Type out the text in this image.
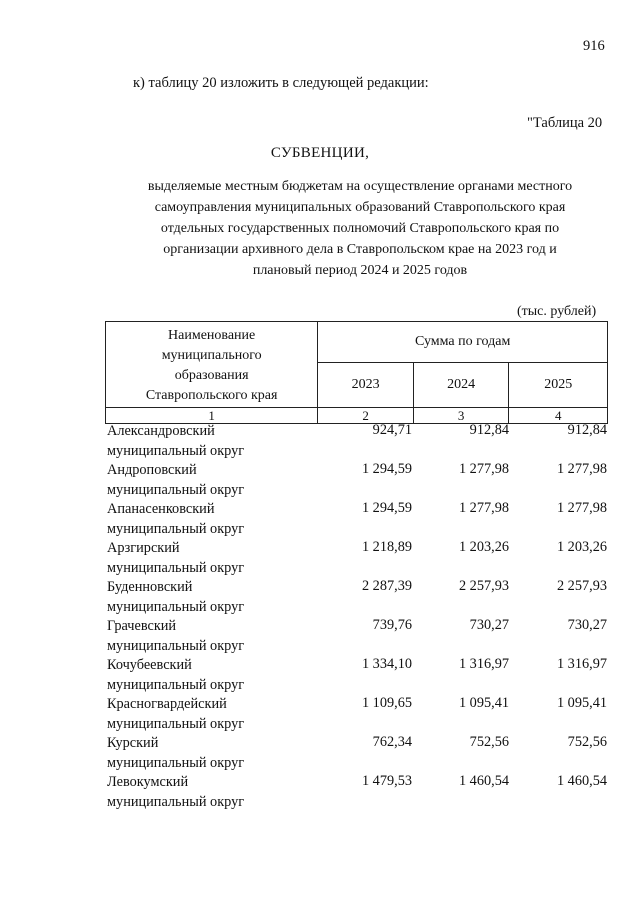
916
к) таблицу 20 изложить в следующей редакции:
"Таблица 20
СУБВЕНЦИИ,
выделяемые местным бюджетам на осуществление органами местного
самоуправления муниципальных образований Ставропольского края
отдельных государственных полномочий Ставропольского края по
организации архивного дела в Ставропольском крае на 2023 год и
плановый период 2024 и 2025 годов
(тыс. рублей)
Наименование
муниципального
образования
Ставропольского края	Сумма по годам		
	2023	2024	2025
1	2	3	4
Александровский
муниципальный округ
924,71	912,84	912,84
Андроповский
муниципальный округ
1 294,59	1 277,98	1 277,98
Апанасенковский
муниципальный округ
1 294,59	1 277,98	1 277,98
Арзгирский
муниципальный округ
1 218,89	1 203,26	1 203,26
Буденновский
муниципальный округ
2 287,39	2 257,93	2 257,93
Грачевский
муниципальный округ
739,76	730,27	730,27
Кочубеевский
муниципальный округ
1 334,10	1 316,97	1 316,97
Красногвардейский
муниципальный округ
1 109,65	1 095,41	1 095,41
Курский
муниципальный округ
762,34	752,56	752,56
Левокумский
муниципальный округ
1 479,53	1 460,54	1 460,54
